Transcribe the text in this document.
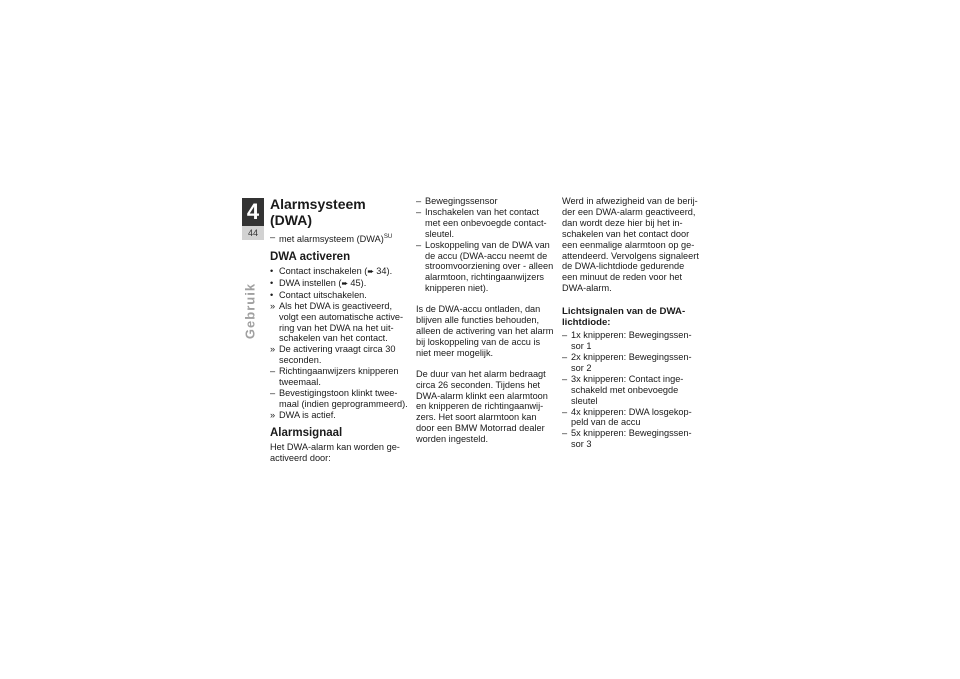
4
44
Gebruik
Alarmsysteem (DWA)
– met alarmsysteem (DWA)$^{SU}$
DWA activeren
• Contact inschakelen (➨ 34).
• DWA instellen (➨ 45).
• Contact uitschakelen.
» Als het DWA is geactiveerd, volgt een automatische active-ring van het DWA na het uit-schakelen van het contact.
» De activering vraagt circa 30 seconden.
– Richtingaanwijzers knipperen tweemaal.
– Bevestigingstoon klinkt twee-maal (indien geprogrammeerd).
» DWA is actief.
Alarmsignaal

Het DWA-alarm kan worden ge-activeerd door:

– Bewegingssensor
– Inschakelen van het contact met een onbevoegde contact-sleutel.
– Loskoppeling van de DWA van de accu (DWA-accu neemt de stroomvoorziening over - alleen alarmtoon, richtingaanwijzers knipperen niet).

Is de DWA-accu ontladen, dan blijven alle functies behouden, alleen de activering van het alarm bij loskoppeling van de accu is niet meer mogelijk.

De duur van het alarm bedraagt circa 26 seconden. Tijdens het DWA-alarm klinkt een alarmtoon en knipperen de richtingaanwij-zers. Het soort alarmtoon kan door een BMW Motorrad dealer worden ingesteld.

Werd in afwezigheid van de berij-der een DWA-alarm geactiveerd, dan wordt deze hier bij het in-schakelen van het contact door een eenmalige alarmtoon op ge-attendeerd. Vervolgens signaleert de DWA-lichtdiode gedurende een minuut de reden voor het DWA-alarm.

Lichtsignalen van de DWA-lichtdiode:
– 1x knipperen: Bewegingssen-sor 1
– 2x knipperen: Bewegingssen-sor 2
– 3x knipperen: Contact inge-schakeld met onbevoegde sleutel
– 4x knipperen: DWA losgekop-peld van de accu
– 5x knipperen: Bewegingssen-sor 3
